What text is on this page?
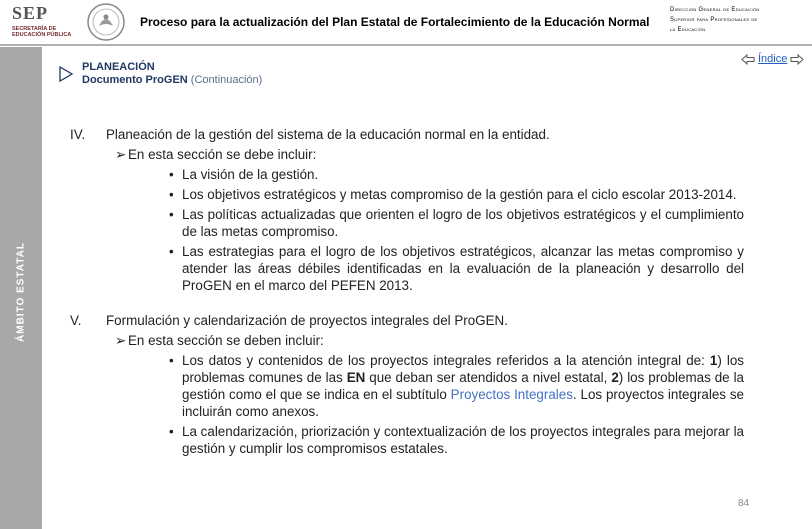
SEP
SECRETARÍA DE EDUCACIÓN PÚBLICA
Proceso para la actualización del Plan Estatal de Fortalecimiento de la Educación Normal
Dirección General de Educación
Superior para Profesionales de
la Educación
ÁMBITO ESTATAL
PLANEACIÓN
Documento ProGEN (Continuación)
Índice
IV. Planeación de la gestión del sistema de la educación normal en la entidad.
➢ En esta sección se debe incluir:
• La visión de la gestión.
• Los objetivos estratégicos y metas compromiso de la gestión para el ciclo escolar 2013-2014.
• Las políticas actualizadas que orienten el logro de los objetivos estratégicos y el cumplimiento de las metas compromiso.
• Las estrategias para el logro de los objetivos estratégicos, alcanzar las metas compromiso y atender las áreas débiles identificadas en la evaluación de la planeación y desarrollo del ProGEN en el marco del PEFEN 2013.
V. Formulación y calendarización de proyectos integrales del ProGEN.
➢ En esta sección se deben incluir:
• Los datos y contenidos de los proyectos integrales referidos a la atención integral de: 1) los problemas comunes de las EN que deban ser atendidos a nivel estatal, 2) los problemas de la gestión como el que se indica en el subtítulo Proyectos Integrales. Los proyectos integrales se incluirán como anexos.
• La calendarización, priorización y contextualización de los proyectos integrales para mejorar la gestión y cumplir los compromisos estatales.
84
